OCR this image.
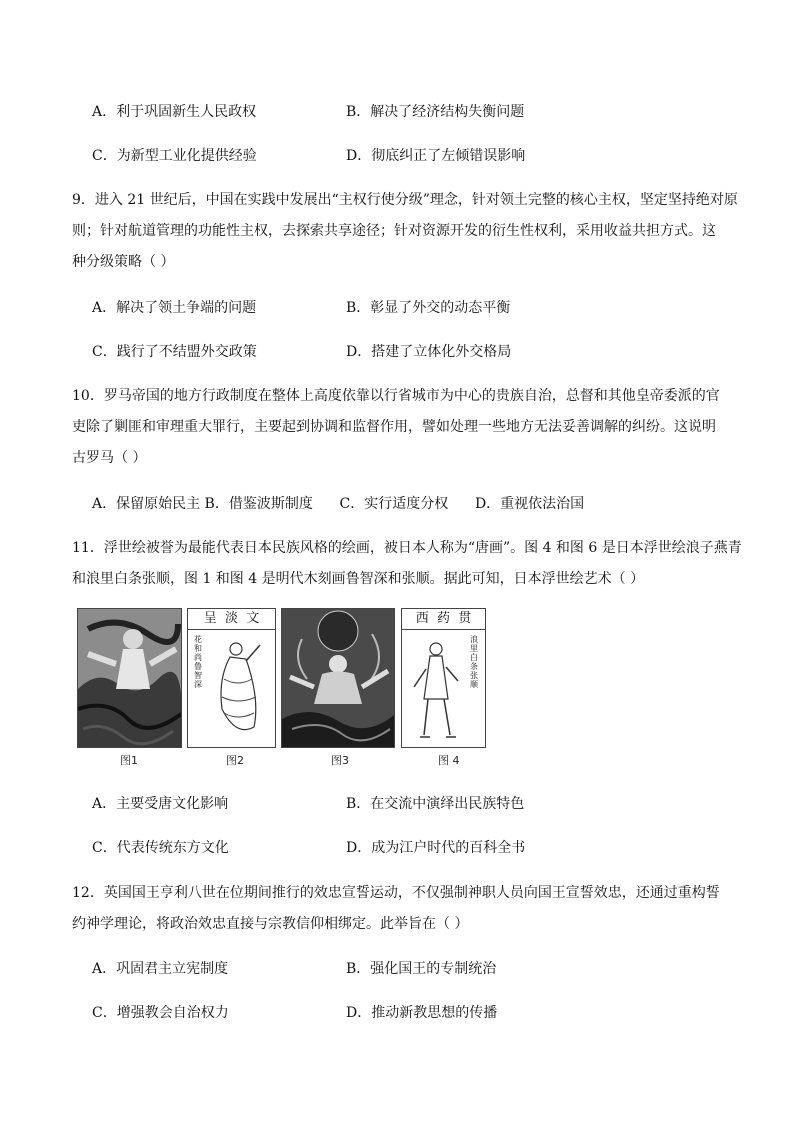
A．利于巩固新生人民政权	B．解决了经济结构失衡问题
C．为新型工业化提供经验	D．彻底纠正了左倾错误影响
9．进入 21 世纪后，中国在实践中发展出“主权行使分级”理念，针对领土完整的核心主权，坚定坚持绝对原
则；针对航道管理的功能性主权，去探索共享途径；针对资源开发的衍生性权利，采用收益共担方式。这
种分级策略（ ）
A．解决了领土争端的问题	B．彰显了外交的动态平衡
C．践行了不结盟外交政策	D．搭建了立体化外交格局
10．罗马帝国的地方行政制度在整体上高度依靠以行省城市为中心的贵族自治，总督和其他皇帝委派的官
吏除了剿匪和审理重大罪行，主要起到协调和监督作用，譬如处理一些地方无法妥善调解的纠纷。这说明
古罗马（ ）
A．保留原始民主 B．借鉴波斯制度      C．实行适度分权      D．重视依法治国
11．浮世绘被誉为最能代表日本民族风格的绘画，被日本人称为“唐画”。图 4 和图 6 是日本浮世绘浪子燕青
和浪里白条张顺，图 1 和图 4 是明代木刻画鲁智深和张顺。据此可知，日本浮世绘艺术（ ）
呈  淡  文
花和尚鲁智深
西  药  贯
浪里白条张顺
图1	图2	图3	图 4
A．主要受唐文化影响	B．在交流中演绎出民族特色
C．代表传统东方文化	D．成为江户时代的百科全书
12．英国国王亨利八世在位期间推行的效忠宣誓运动，不仅强制神职人员向国王宣誓效忠，还通过重构誓
约神学理论，将政治效忠直接与宗教信仰相绑定。此举旨在（ ）
A．巩固君主立宪制度	B．强化国王的专制统治
C．增强教会自治权力	D．推动新教思想的传播
